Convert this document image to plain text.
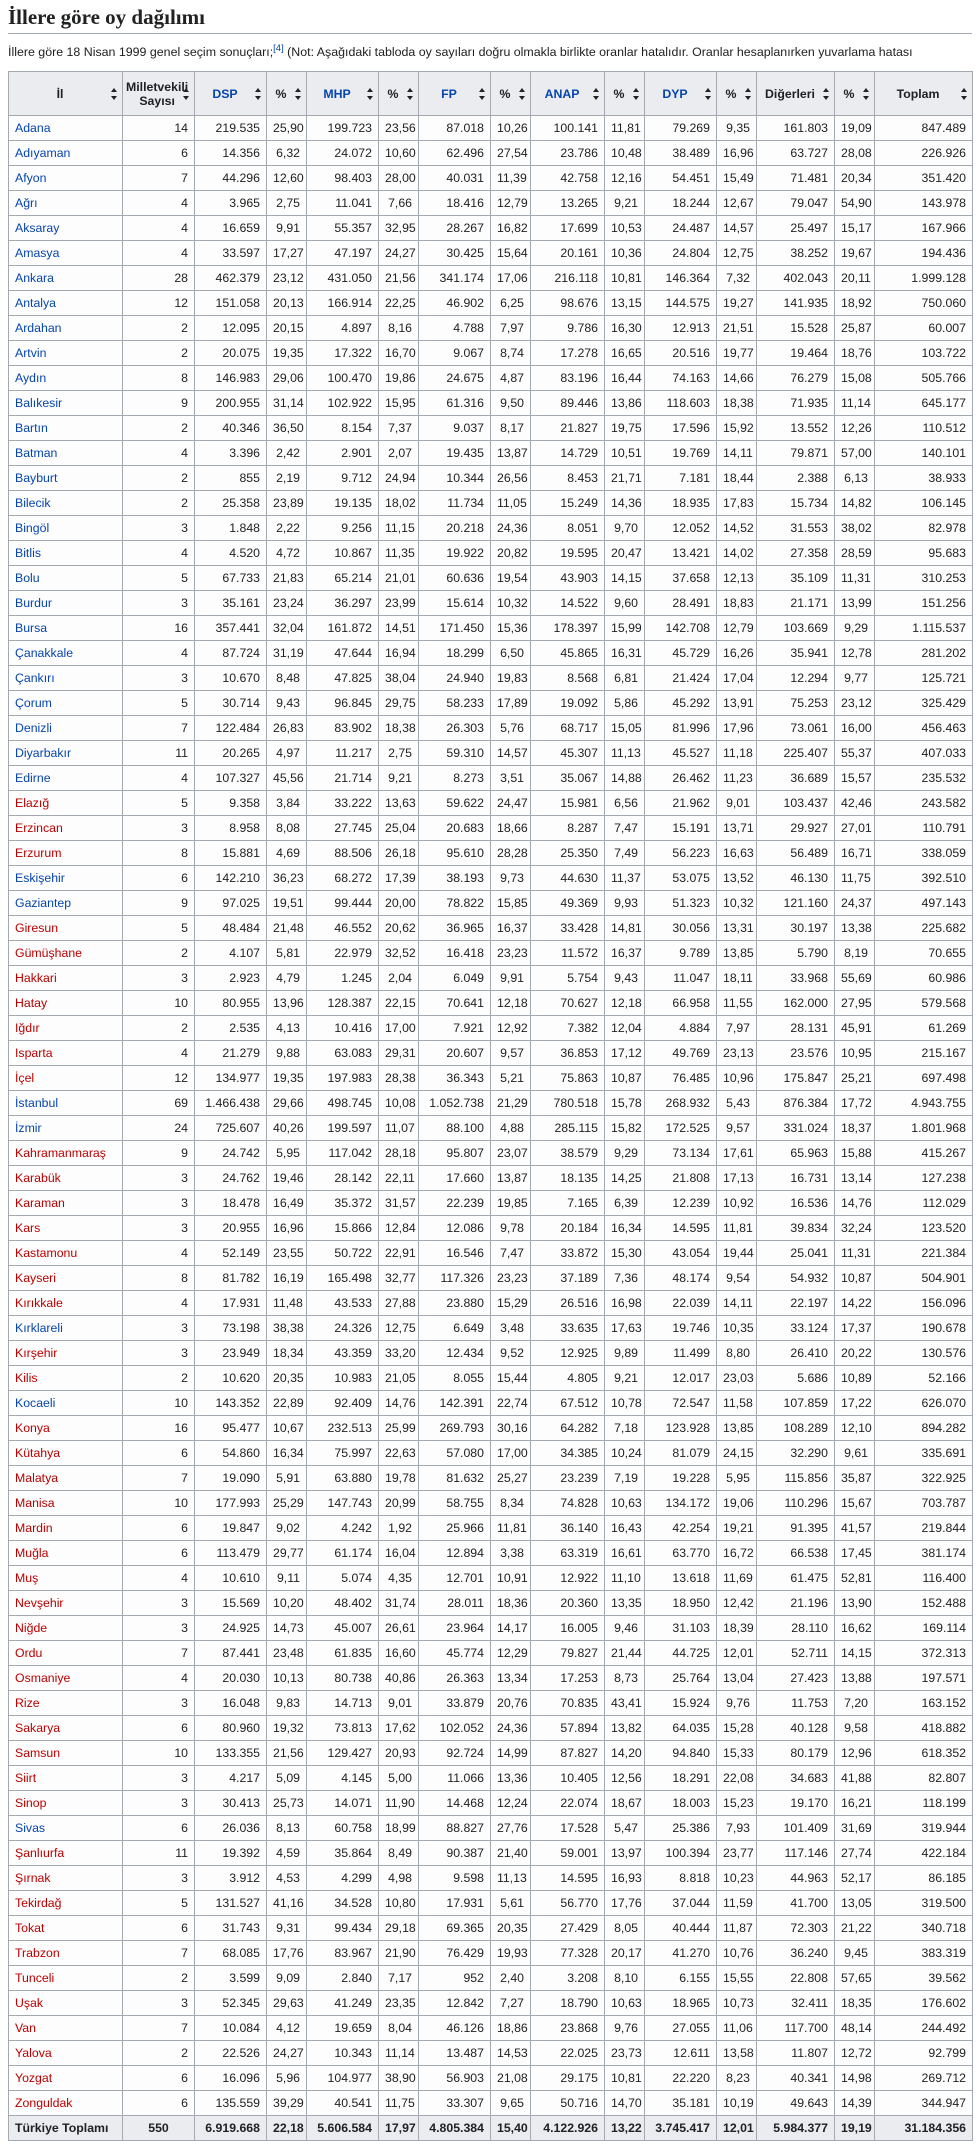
İllere göre oy dağılımı

İllere göre 18 Nisan 1999 genel seçim sonuçları;[4] (Not: Aşağıdaki tabloda oy sayıları doğru olmakla birlikte oranlar hatalıdır. Oranlar hesaplanırken yuvarlama hatası

İl	Milletvekili Sayısı	DSP	%	MHP	%	FP	%	ANAP	%	DYP	%	Diğerleri	%	Toplam

Adana	14	219.535	25,90	199.723	23,56	87.018	10,26	100.141	11,81	79.269	9,35	161.803	19,09	847.489
Adıyaman	6	14.356	6,32	24.072	10,60	62.496	27,54	23.786	10,48	38.489	16,96	63.727	28,08	226.926
Afyon	7	44.296	12,60	98.403	28,00	40.031	11,39	42.758	12,16	54.451	15,49	71.481	20,34	351.420
Ağrı	4	3.965	2,75	11.041	7,66	18.416	12,79	13.265	9,21	18.244	12,67	79.047	54,90	143.978
Aksaray	4	16.659	9,91	55.357	32,95	28.267	16,82	17.699	10,53	24.487	14,57	25.497	15,17	167.966
Amasya	4	33.597	17,27	47.197	24,27	30.425	15,64	20.161	10,36	24.804	12,75	38.252	19,67	194.436
Ankara	28	462.379	23,12	431.050	21,56	341.174	17,06	216.118	10,81	146.364	7,32	402.043	20,11	1.999.128
Antalya	12	151.058	20,13	166.914	22,25	46.902	6,25	98.676	13,15	144.575	19,27	141.935	18,92	750.060
Ardahan	2	12.095	20,15	4.897	8,16	4.788	7,97	9.786	16,30	12.913	21,51	15.528	25,87	60.007
Artvin	2	20.075	19,35	17.322	16,70	9.067	8,74	17.278	16,65	20.516	19,77	19.464	18,76	103.722
Aydın	8	146.983	29,06	100.470	19,86	24.675	4,87	83.196	16,44	74.163	14,66	76.279	15,08	505.766
Balıkesir	9	200.955	31,14	102.922	15,95	61.316	9,50	89.446	13,86	118.603	18,38	71.935	11,14	645.177
Bartın	2	40.346	36,50	8.154	7,37	9.037	8,17	21.827	19,75	17.596	15,92	13.552	12,26	110.512
Batman	4	3.396	2,42	2.901	2,07	19.435	13,87	14.729	10,51	19.769	14,11	79.871	57,00	140.101
Bayburt	2	855	2,19	9.712	24,94	10.344	26,56	8.453	21,71	7.181	18,44	2.388	6,13	38.933
Bilecik	2	25.358	23,89	19.135	18,02	11.734	11,05	15.249	14,36	18.935	17,83	15.734	14,82	106.145
Bingöl	3	1.848	2,22	9.256	11,15	20.218	24,36	8.051	9,70	12.052	14,52	31.553	38,02	82.978
Bitlis	4	4.520	4,72	10.867	11,35	19.922	20,82	19.595	20,47	13.421	14,02	27.358	28,59	95.683
Bolu	5	67.733	21,83	65.214	21,01	60.636	19,54	43.903	14,15	37.658	12,13	35.109	11,31	310.253
Burdur	3	35.161	23,24	36.297	23,99	15.614	10,32	14.522	9,60	28.491	18,83	21.171	13,99	151.256
Bursa	16	357.441	32,04	161.872	14,51	171.450	15,36	178.397	15,99	142.708	12,79	103.669	9,29	1.115.537
Çanakkale	4	87.724	31,19	47.644	16,94	18.299	6,50	45.865	16,31	45.729	16,26	35.941	12,78	281.202
Çankırı	3	10.670	8,48	47.825	38,04	24.940	19,83	8.568	6,81	21.424	17,04	12.294	9,77	125.721
Çorum	5	30.714	9,43	96.845	29,75	58.233	17,89	19.092	5,86	45.292	13,91	75.253	23,12	325.429
Denizli	7	122.484	26,83	83.902	18,38	26.303	5,76	68.717	15,05	81.996	17,96	73.061	16,00	456.463
Diyarbakır	11	20.265	4,97	11.217	2,75	59.310	14,57	45.307	11,13	45.527	11,18	225.407	55,37	407.033
Edirne	4	107.327	45,56	21.714	9,21	8.273	3,51	35.067	14,88	26.462	11,23	36.689	15,57	235.532
Elazığ	5	9.358	3,84	33.222	13,63	59.622	24,47	15.981	6,56	21.962	9,01	103.437	42,46	243.582
Erzincan	3	8.958	8,08	27.745	25,04	20.683	18,66	8.287	7,47	15.191	13,71	29.927	27,01	110.791
Erzurum	8	15.881	4,69	88.506	26,18	95.610	28,28	25.350	7,49	56.223	16,63	56.489	16,71	338.059
Eskişehir	6	142.210	36,23	68.272	17,39	38.193	9,73	44.630	11,37	53.075	13,52	46.130	11,75	392.510
Gaziantep	9	97.025	19,51	99.444	20,00	78.822	15,85	49.369	9,93	51.323	10,32	121.160	24,37	497.143
Giresun	5	48.484	21,48	46.552	20,62	36.965	16,37	33.428	14,81	30.056	13,31	30.197	13,38	225.682
Gümüşhane	2	4.107	5,81	22.979	32,52	16.418	23,23	11.572	16,37	9.789	13,85	5.790	8,19	70.655
Hakkari	3	2.923	4,79	1.245	2,04	6.049	9,91	5.754	9,43	11.047	18,11	33.968	55,69	60.986
Hatay	10	80.955	13,96	128.387	22,15	70.641	12,18	70.627	12,18	66.958	11,55	162.000	27,95	579.568
Iğdır	2	2.535	4,13	10.416	17,00	7.921	12,92	7.382	12,04	4.884	7,97	28.131	45,91	61.269
Isparta	4	21.279	9,88	63.083	29,31	20.607	9,57	36.853	17,12	49.769	23,13	23.576	10,95	215.167
İçel	12	134.977	19,35	197.983	28,38	36.343	5,21	75.863	10,87	76.485	10,96	175.847	25,21	697.498
İstanbul	69	1.466.438	29,66	498.745	10,08	1.052.738	21,29	780.518	15,78	268.932	5,43	876.384	17,72	4.943.755
İzmir	24	725.607	40,26	199.597	11,07	88.100	4,88	285.115	15,82	172.525	9,57	331.024	18,37	1.801.968
Kahramanmaraş	9	24.742	5,95	117.042	28,18	95.807	23,07	38.579	9,29	73.134	17,61	65.963	15,88	415.267
Karabük	3	24.762	19,46	28.142	22,11	17.660	13,87	18.135	14,25	21.808	17,13	16.731	13,14	127.238
Karaman	3	18.478	16,49	35.372	31,57	22.239	19,85	7.165	6,39	12.239	10,92	16.536	14,76	112.029
Kars	3	20.955	16,96	15.866	12,84	12.086	9,78	20.184	16,34	14.595	11,81	39.834	32,24	123.520
Kastamonu	4	52.149	23,55	50.722	22,91	16.546	7,47	33.872	15,30	43.054	19,44	25.041	11,31	221.384
Kayseri	8	81.782	16,19	165.498	32,77	117.326	23,23	37.189	7,36	48.174	9,54	54.932	10,87	504.901
Kırıkkale	4	17.931	11,48	43.533	27,88	23.880	15,29	26.516	16,98	22.039	14,11	22.197	14,22	156.096
Kırklareli	3	73.198	38,38	24.326	12,75	6.649	3,48	33.635	17,63	19.746	10,35	33.124	17,37	190.678
Kırşehir	3	23.949	18,34	43.359	33,20	12.434	9,52	12.925	9,89	11.499	8,80	26.410	20,22	130.576
Kilis	2	10.620	20,35	10.983	21,05	8.055	15,44	4.805	9,21	12.017	23,03	5.686	10,89	52.166
Kocaeli	10	143.352	22,89	92.409	14,76	142.391	22,74	67.512	10,78	72.547	11,58	107.859	17,22	626.070
Konya	16	95.477	10,67	232.513	25,99	269.793	30,16	64.282	7,18	123.928	13,85	108.289	12,10	894.282
Kütahya	6	54.860	16,34	75.997	22,63	57.080	17,00	34.385	10,24	81.079	24,15	32.290	9,61	335.691
Malatya	7	19.090	5,91	63.880	19,78	81.632	25,27	23.239	7,19	19.228	5,95	115.856	35,87	322.925
Manisa	10	177.993	25,29	147.743	20,99	58.755	8,34	74.828	10,63	134.172	19,06	110.296	15,67	703.787
Mardin	6	19.847	9,02	4.242	1,92	25.966	11,81	36.140	16,43	42.254	19,21	91.395	41,57	219.844
Muğla	6	113.479	29,77	61.174	16,04	12.894	3,38	63.319	16,61	63.770	16,72	66.538	17,45	381.174
Muş	4	10.610	9,11	5.074	4,35	12.701	10,91	12.922	11,10	13.618	11,69	61.475	52,81	116.400
Nevşehir	3	15.569	10,20	48.402	31,74	28.011	18,36	20.360	13,35	18.950	12,42	21.196	13,90	152.488
Niğde	3	24.925	14,73	45.007	26,61	23.964	14,17	16.005	9,46	31.103	18,39	28.110	16,62	169.114
Ordu	7	87.441	23,48	61.835	16,60	45.774	12,29	79.827	21,44	44.725	12,01	52.711	14,15	372.313
Osmaniye	4	20.030	10,13	80.738	40,86	26.363	13,34	17.253	8,73	25.764	13,04	27.423	13,88	197.571
Rize	3	16.048	9,83	14.713	9,01	33.879	20,76	70.835	43,41	15.924	9,76	11.753	7,20	163.152
Sakarya	6	80.960	19,32	73.813	17,62	102.052	24,36	57.894	13,82	64.035	15,28	40.128	9,58	418.882
Samsun	10	133.355	21,56	129.427	20,93	92.724	14,99	87.827	14,20	94.840	15,33	80.179	12,96	618.352
Siirt	3	4.217	5,09	4.145	5,00	11.066	13,36	10.405	12,56	18.291	22,08	34.683	41,88	82.807
Sinop	3	30.413	25,73	14.071	11,90	14.468	12,24	22.074	18,67	18.003	15,23	19.170	16,21	118.199
Sivas	6	26.036	8,13	60.758	18,99	88.827	27,76	17.528	5,47	25.386	7,93	101.409	31,69	319.944
Şanlıurfa	11	19.392	4,59	35.864	8,49	90.387	21,40	59.001	13,97	100.394	23,77	117.146	27,74	422.184
Şırnak	3	3.912	4,53	4.299	4,98	9.598	11,13	14.595	16,93	8.818	10,23	44.963	52,17	86.185
Tekirdağ	5	131.527	41,16	34.528	10,80	17.931	5,61	56.770	17,76	37.044	11,59	41.700	13,05	319.500
Tokat	6	31.743	9,31	99.434	29,18	69.365	20,35	27.429	8,05	40.444	11,87	72.303	21,22	340.718
Trabzon	7	68.085	17,76	83.967	21,90	76.429	19,93	77.328	20,17	41.270	10,76	36.240	9,45	383.319
Tunceli	2	3.599	9,09	2.840	7,17	952	2,40	3.208	8,10	6.155	15,55	22.808	57,65	39.562
Uşak	3	52.345	29,63	41.249	23,35	12.842	7,27	18.790	10,63	18.965	10,73	32.411	18,35	176.602
Van	7	10.084	4,12	19.659	8,04	46.126	18,86	23.868	9,76	27.055	11,06	117.700	48,14	244.492
Yalova	2	22.526	24,27	10.343	11,14	13.487	14,53	22.025	23,73	12.611	13,58	11.807	12,72	92.799
Yozgat	6	16.096	5,96	104.977	38,90	56.903	21,08	29.175	10,81	22.220	8,23	40.341	14,98	269.712
Zonguldak	6	135.559	39,29	40.541	11,75	33.307	9,65	50.716	14,70	35.181	10,19	49.643	14,39	344.947
Türkiye Toplamı	550	6.919.668	22,18	5.606.584	17,97	4.805.384	15,40	4.122.926	13,22	3.745.417	12,01	5.984.377	19,19	31.184.356
